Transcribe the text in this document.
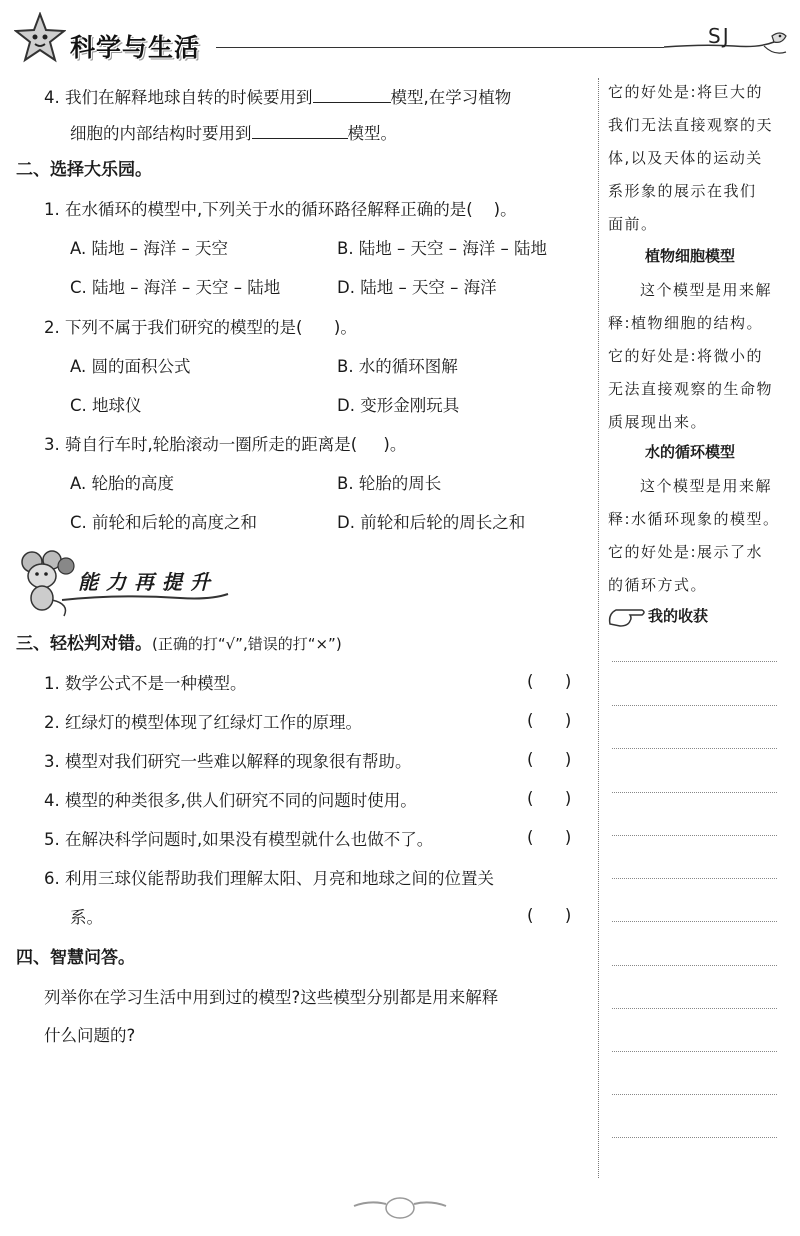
科学与生活	SJ
4. 我们在解释地球自转的时候要用到	模型,在学习植物
细胞的内部结构时要用到	模型。
二、选择大乐园。
1. 在水循环的模型中,下列关于水的循环路径解释正确的是( )。
A. 陆地 – 海洋 – 天空	B. 陆地 – 天空 – 海洋 – 陆地
C. 陆地 – 海洋 – 天空 – 陆地	D. 陆地 – 天空 – 海洋
2. 下列不属于我们研究的模型的是( )。
A. 圆的面积公式	B. 水的循环图解
C. 地球仪	D. 变形金刚玩具
3. 骑自行车时,轮胎滚动一圈所走的距离是( )。
A. 轮胎的高度	B. 轮胎的周长
C. 前轮和后轮的高度之和	D. 前轮和后轮的周长之和
能力再提升
三、轻松判对错。(正确的打“√”,错误的打“×”)
1. 数学公式不是一种模型。	(      )
2. 红绿灯的模型体现了红绿灯工作的原理。	(      )
3. 模型对我们研究一些难以解释的现象很有帮助。	(      )
4. 模型的种类很多,供人们研究不同的问题时使用。	(      )
5. 在解决科学问题时,如果没有模型就什么也做不了。	(      )
6. 利用三球仪能帮助我们理解太阳、月亮和地球之间的位置关
系。	(      )
四、智慧问答。
列举你在学习生活中用到过的模型?这些模型分别都是用来解释
什么问题的?
它的好处是:将巨大的
我们无法直接观察的天
体,以及天体的运动关
系形象的展示在我们
面前。
植物细胞模型
这个模型是用来解
释:植物细胞的结构。
它的好处是:将微小的
无法直接观察的生命物
质展现出来。
水的循环模型
这个模型是用来解
释:水循环现象的模型。
它的好处是:展示了水
的循环方式。
我的收获
